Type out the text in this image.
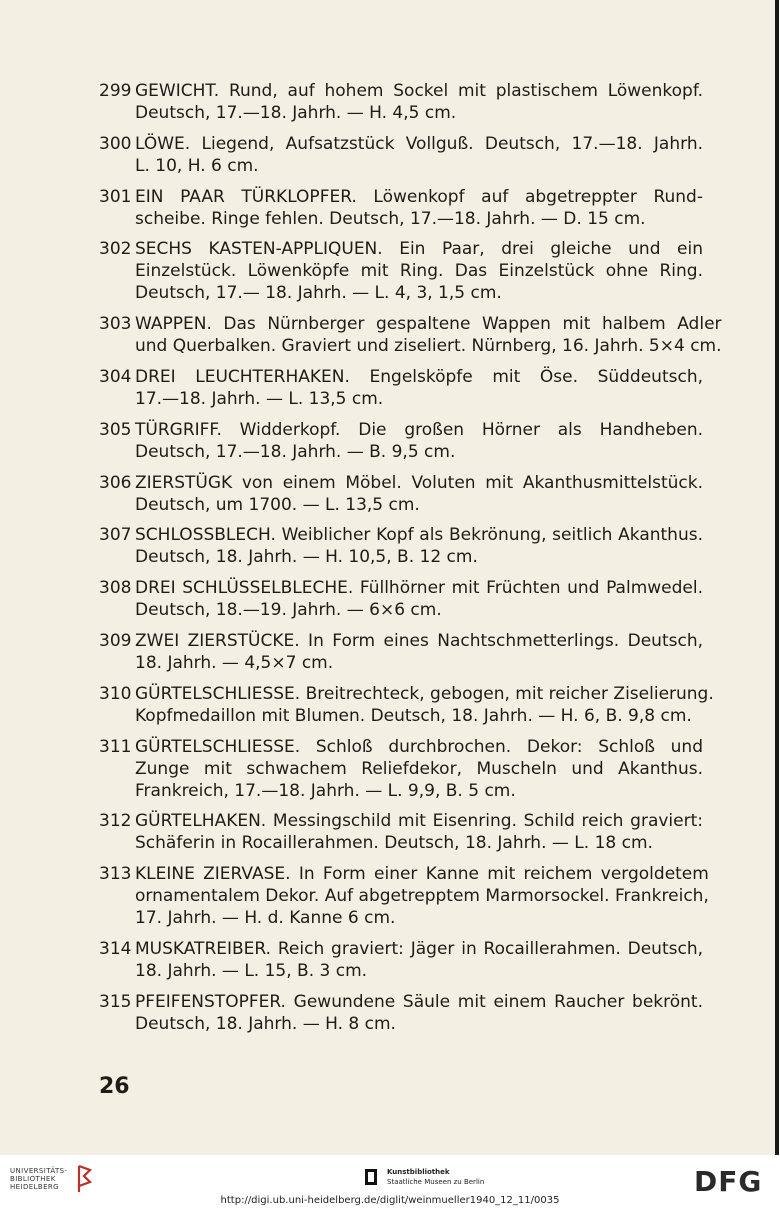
299 GEWICHT. Rund, auf hohem Sockel mit plastischem Löwenkopf.
Deutsch, 17.—18. Jahrh. — H. 4,5 cm.
300 LÖWE. Liegend, Aufsatzstück Vollguß. Deutsch, 17.—18. Jahrh.
L. 10, H. 6 cm.
301 EIN PAAR TÜRKLOPFER. Löwenkopf auf abgetreppter Rund-
scheibe. Ringe fehlen. Deutsch, 17.—18. Jahrh. — D. 15 cm.
302 SECHS KASTEN-APPLIQUEN. Ein Paar, drei gleiche und ein
Einzelstück. Löwenköpfe mit Ring. Das Einzelstück ohne Ring.
Deutsch, 17.— 18. Jahrh. — L. 4, 3, 1,5 cm.
303 WAPPEN. Das Nürnberger gespaltene Wappen mit halbem Adler
und Querbalken. Graviert und ziseliert. Nürnberg, 16. Jahrh. 5×4 cm.
304 DREI LEUCHTERHAKEN. Engelsköpfe mit Öse. Süddeutsch,
17.—18. Jahrh. — L. 13,5 cm.
305 TÜRGRIFF. Widderkopf. Die großen Hörner als Handheben.
Deutsch, 17.—18. Jahrh. — B. 9,5 cm.
306 ZIERSTÜGK von einem Möbel. Voluten mit Akanthusmittelstück.
Deutsch, um 1700. — L. 13,5 cm.
307 SCHLOSSBLECH. Weiblicher Kopf als Bekrönung, seitlich Akanthus.
Deutsch, 18. Jahrh. — H. 10,5, B. 12 cm.
308 DREI SCHLÜSSELBLECHE. Füllhörner mit Früchten und Palmwedel.
Deutsch, 18.—19. Jahrh. — 6×6 cm.
309 ZWEI ZIERSTÜCKE. In Form eines Nachtschmetterlings. Deutsch,
18. Jahrh. — 4,5×7 cm.
310 GÜRTELSCHLIESSE. Breitrechteck, gebogen, mit reicher Ziselierung.
Kopfmedaillon mit Blumen. Deutsch, 18. Jahrh. — H. 6, B. 9,8 cm.
311 GÜRTELSCHLIESSE. Schloß durchbrochen. Dekor: Schloß und
Zunge mit schwachem Reliefdekor, Muscheln und Akanthus.
Frankreich, 17.—18. Jahrh. — L. 9,9, B. 5 cm.
312 GÜRTELHAKEN. Messingschild mit Eisenring. Schild reich graviert:
Schäferin in Rocaillerahmen. Deutsch, 18. Jahrh. — L. 18 cm.
313 KLEINE ZIERVASE. In Form einer Kanne mit reichem vergoldetem
ornamentalem Dekor. Auf abgetrepptem Marmorsockel. Frankreich,
17. Jahrh. — H. d. Kanne 6 cm.
314 MUSKATREIBER. Reich graviert: Jäger in Rocaillerahmen. Deutsch,
18. Jahrh. — L. 15, B. 3 cm.
315 PFEIFENSTOPFER. Gewundene Säule mit einem Raucher bekrönt.
Deutsch, 18. Jahrh. — H. 8 cm.
26
UNIVERSITÄTS-
BIBLIOTHEK
HEIDELBERG
Kunstbibliothek
Staatliche Museen zu Berlin	DFG
http://digi.ub.uni-heidelberg.de/diglit/weinmueller1940_12_11/0035
